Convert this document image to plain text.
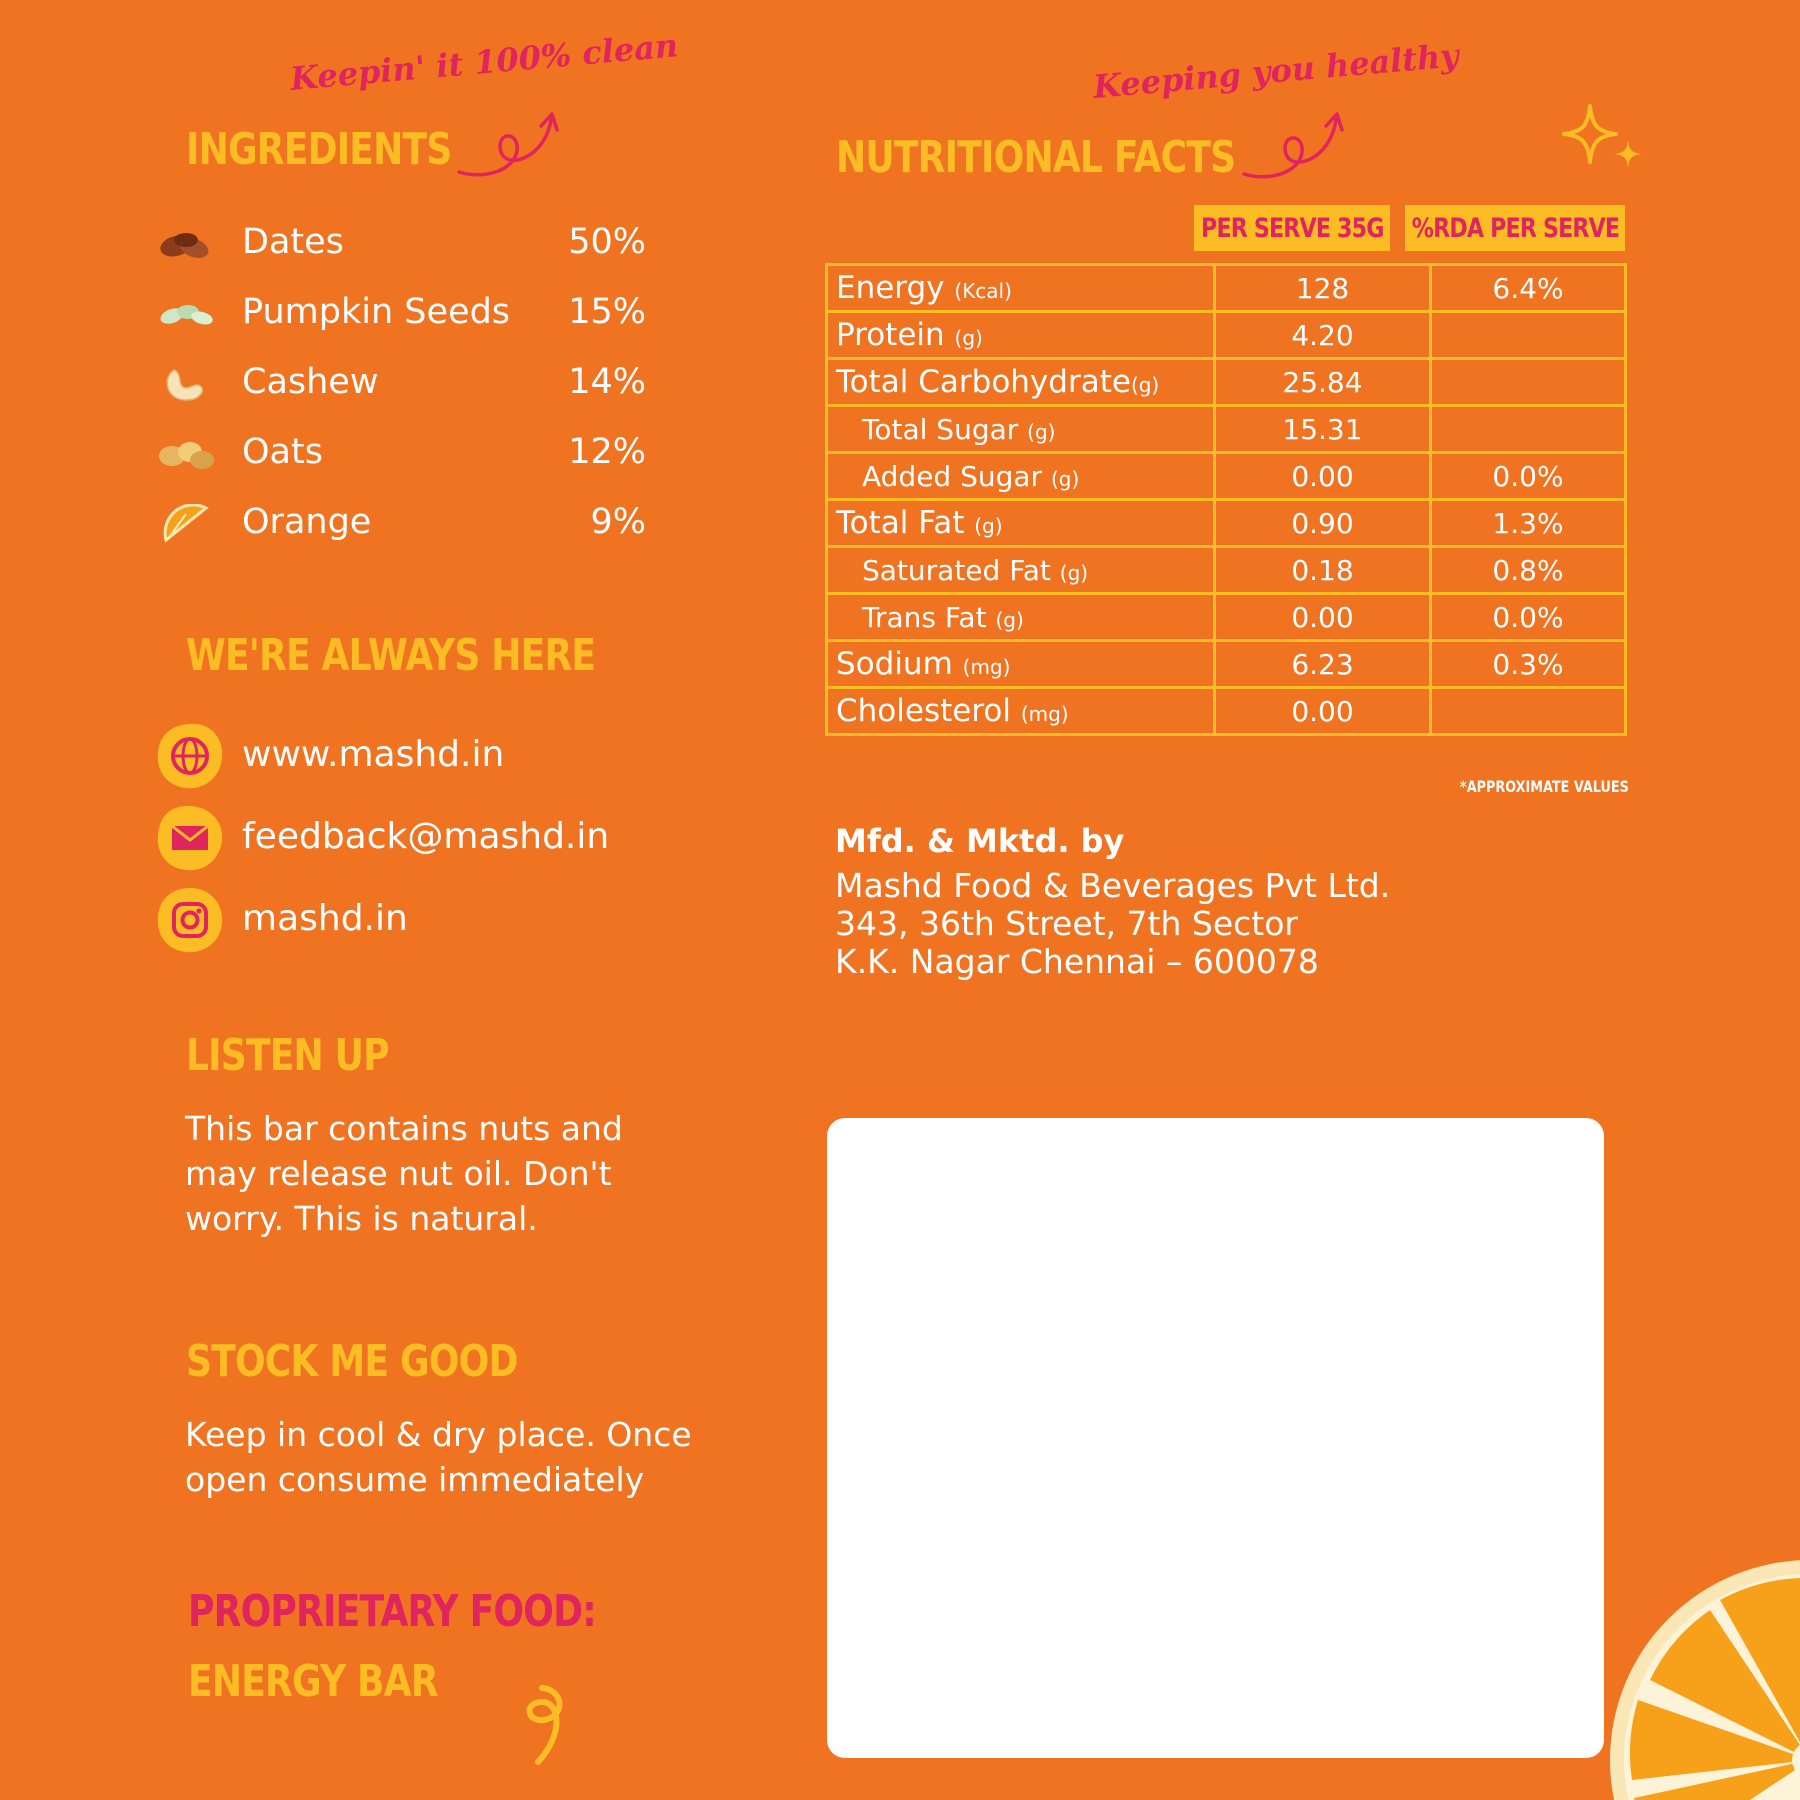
Keepin' it 100% clean
INGREDIENTS
Dates	50%
Pumpkin Seeds 15%
Cashew	14%
Oats	12%
Orange	9%
WE'RE ALWAYS HERE
www.mashd.in
feedback@mashd.in
mashd.in
LISTEN UP
This bar contains nuts and
may release nut oil. Don't
worry. This is natural.
STOCK ME GOOD
Keep in cool & dry place. Once
open consume immediately
PROPRIETARY FOOD:
ENERGY BAR
Keeping you healthy
NUTRITIONAL FACTS
PER SERVE 35G %RDA PER SERVE
Energy (Kcal)	128	6.4%
Protein (g)	4.20	
Total Carbohydrate(g)	25.84	
Total Sugar (g)	15.31	
Added Sugar (g)	0.00	0.0%
Total Fat (g)	0.90	1.3%
Saturated Fat (g)	0.18	0.8%
Trans Fat (g)	0.00	0.0%
Sodium (mg)	6.23	0.3%
Cholesterol (mg)	0.00	
*APPROXIMATE VALUES
Mfd. & Mktd. by
Mashd Food & Beverages Pvt Ltd.
343, 36th Street, 7th Sector
K.K. Nagar Chennai – 600078
